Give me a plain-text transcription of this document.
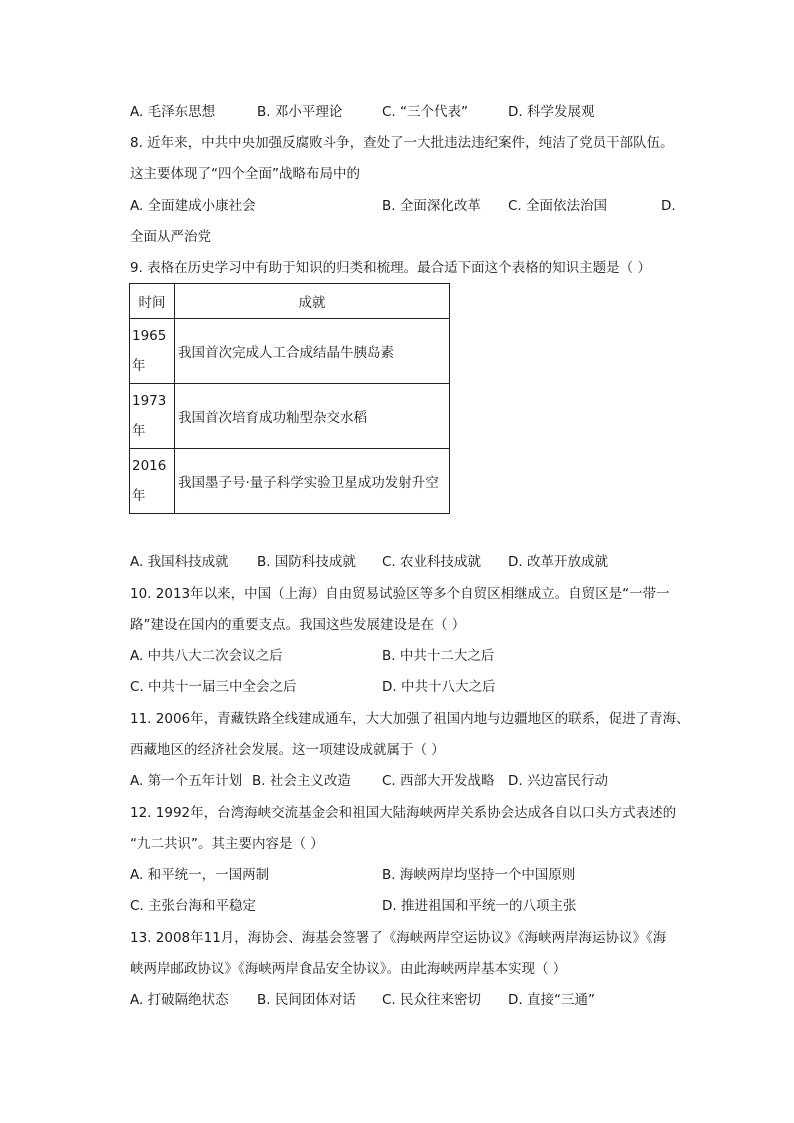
A. 毛泽东思想	B. 邓小平理论	C. “三个代表”	D. 科学发展观
8. 近年来，中共中央加强反腐败斗争，查处了一大批违法违纪案件，纯洁了党员干部队伍。
这主要体现了“四个全面”战略布局中的
A. 全面建成小康社会	B. 全面深化改革 C. 全面依法治国	D.
全面从严治党
9. 表格在历史学习中有助于知识的归类和梳理。最合适下面这个表格的知识主题是（ ）
时间	成就
1965年	我国首次完成人工合成结晶牛胰岛素
1973年	我国首次培育成功籼型杂交水稻
2016年	我国墨子号·量子科学实验卫星成功发射升空
A. 我国科技成就 B. 国防科技成就 C. 农业科技成就 D. 改革开放成就
10. 2013年以来，中国（上海）自由贸易试验区等多个自贸区相继成立。自贸区是“一带一
路”建设在国内的重要支点。我国这些发展建设是在（ ）
A. 中共八大二次会议之后	B. 中共十二大之后
C. 中共十一届三中全会之后	D. 中共十八大之后
11. 2006年，青藏铁路全线建成通车，大大加强了祖国内地与边疆地区的联系，促进了青海、
西藏地区的经济社会发展。这一项建设成就属于（ ）
A. 第一个五年计划 B. 社会主义改造 C. 西部大开发战略 D. 兴边富民行动
12. 1992年，台湾海峡交流基金会和祖国大陆海峡两岸关系协会达成各自以口头方式表述的
“九二共识”。其主要内容是（ ）
A. 和平统一，一国两制	B. 海峡两岸均坚持一个中国原则
C. 主张台海和平稳定	D. 推进祖国和平统一的八项主张
13. 2008年11月，海协会、海基会签署了《海峡两岸空运协议》《海峡两岸海运协议》《海
峡两岸邮政协议》《海峡两岸食品安全协议》。由此海峡两岸基本实现（ ）
A. 打破隔绝状态 B. 民间团体对话 C. 民众往来密切 D. 直接“三通”
